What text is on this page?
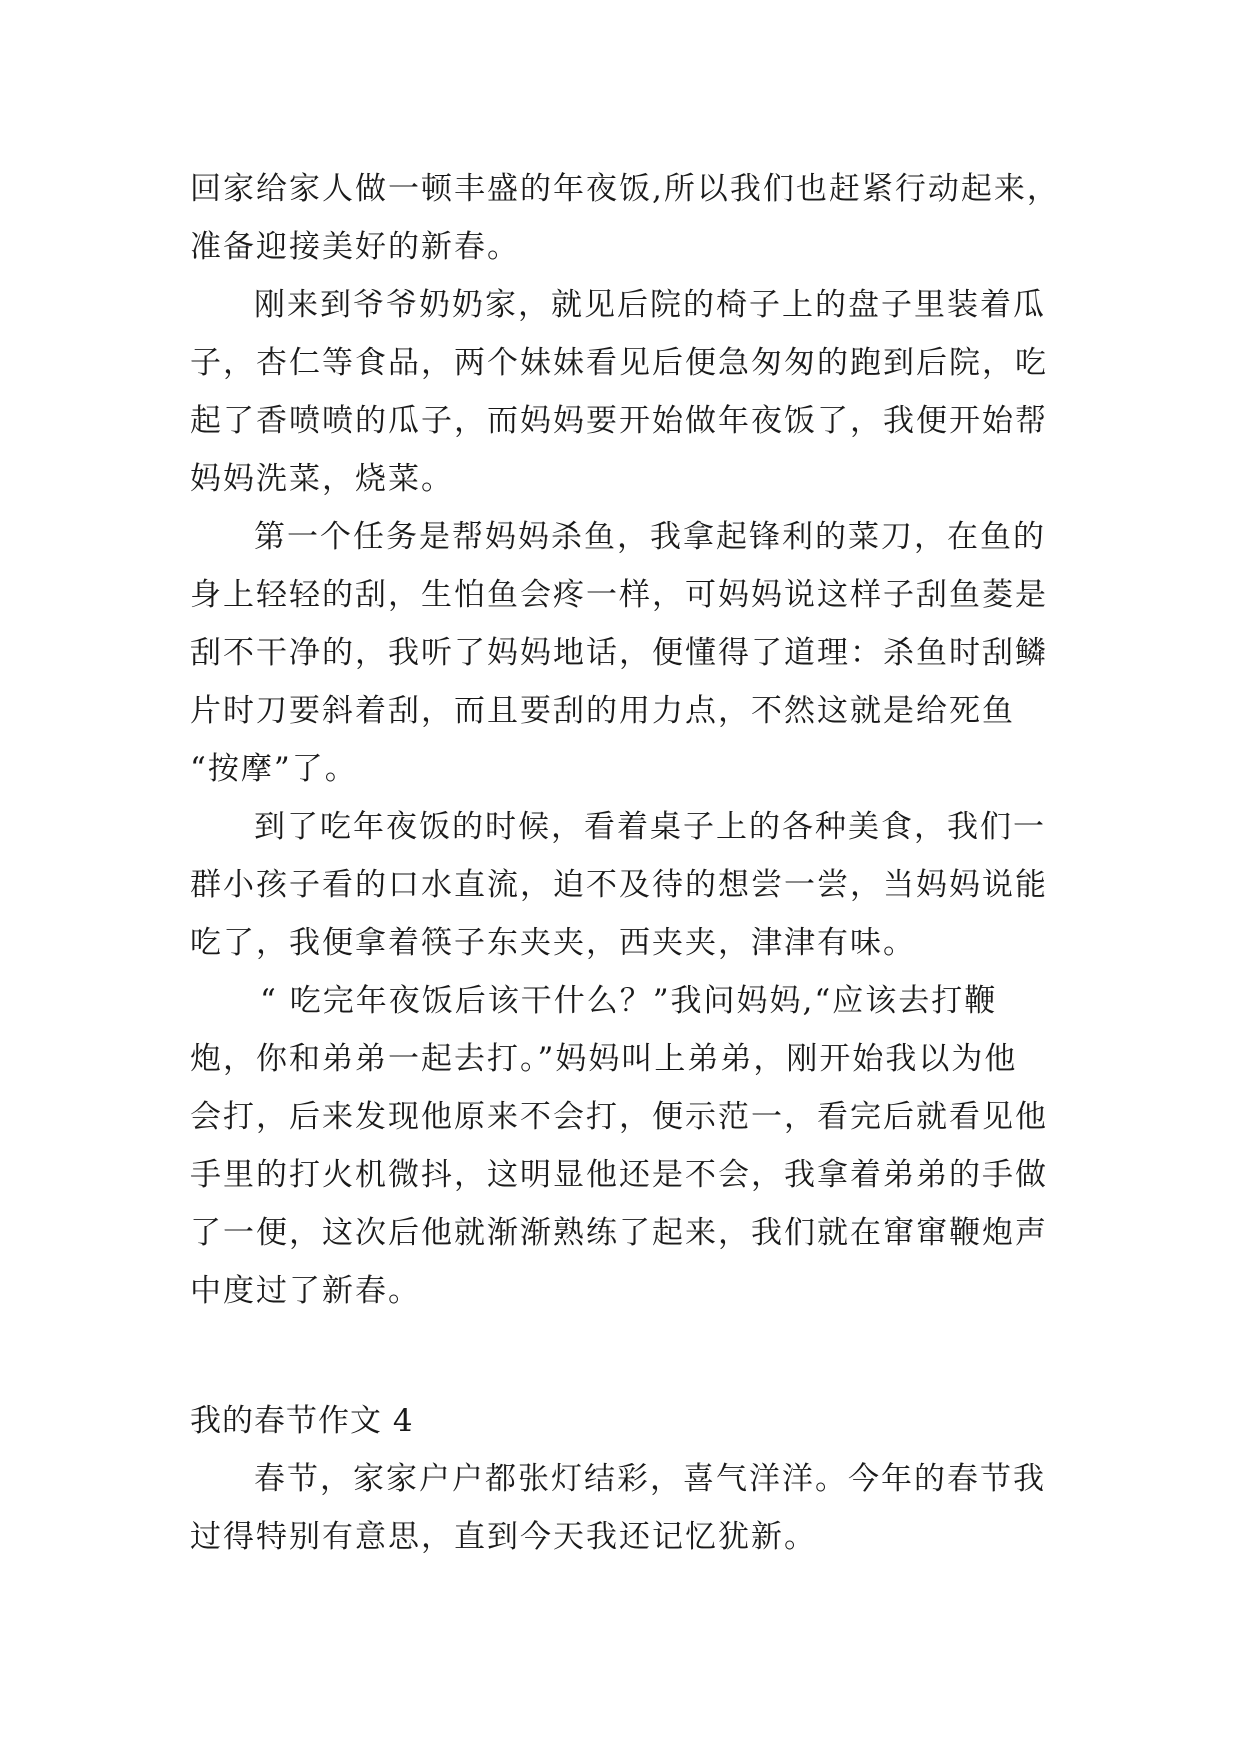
回家给家人做一顿丰盛的年夜饭,所以我们也赶紧行动起来，
准备迎接美好的新春。
刚来到爷爷奶奶家，就见后院的椅子上的盘子里装着瓜
子，杏仁等食品，两个妹妹看见后便急匆匆的跑到后院，吃
起了香喷喷的瓜子，而妈妈要开始做年夜饭了，我便开始帮
妈妈洗菜，烧菜。
第一个任务是帮妈妈杀鱼，我拿起锋利的菜刀，在鱼的
身上轻轻的刮，生怕鱼会疼一样，可妈妈说这样子刮鱼菱是
刮不干净的，我听了妈妈地话，便懂得了道理：杀鱼时刮鳞
片时刀要斜着刮，而且要刮的用力点，不然这就是给死鱼
“按摩”了。
到了吃年夜饭的时候，看着桌子上的各种美食，我们一
群小孩子看的口水直流，迫不及待的想尝一尝，当妈妈说能
吃了，我便拿着筷子东夹夹，西夹夹，津津有味。
“ 吃完年夜饭后该干什么？”我问妈妈,“应该去打鞭
炮，你和弟弟一起去打。”妈妈叫上弟弟，刚开始我以为他
会打，后来发现他原来不会打，便示范一，看完后就看见他
手里的打火机微抖，这明显他还是不会，我拿着弟弟的手做
了一便，这次后他就渐渐熟练了起来，我们就在窜窜鞭炮声
中度过了新春。
我的春节作文 4
春节，家家户户都张灯结彩，喜气洋洋。今年的春节我
过得特别有意思，直到今天我还记忆犹新。
